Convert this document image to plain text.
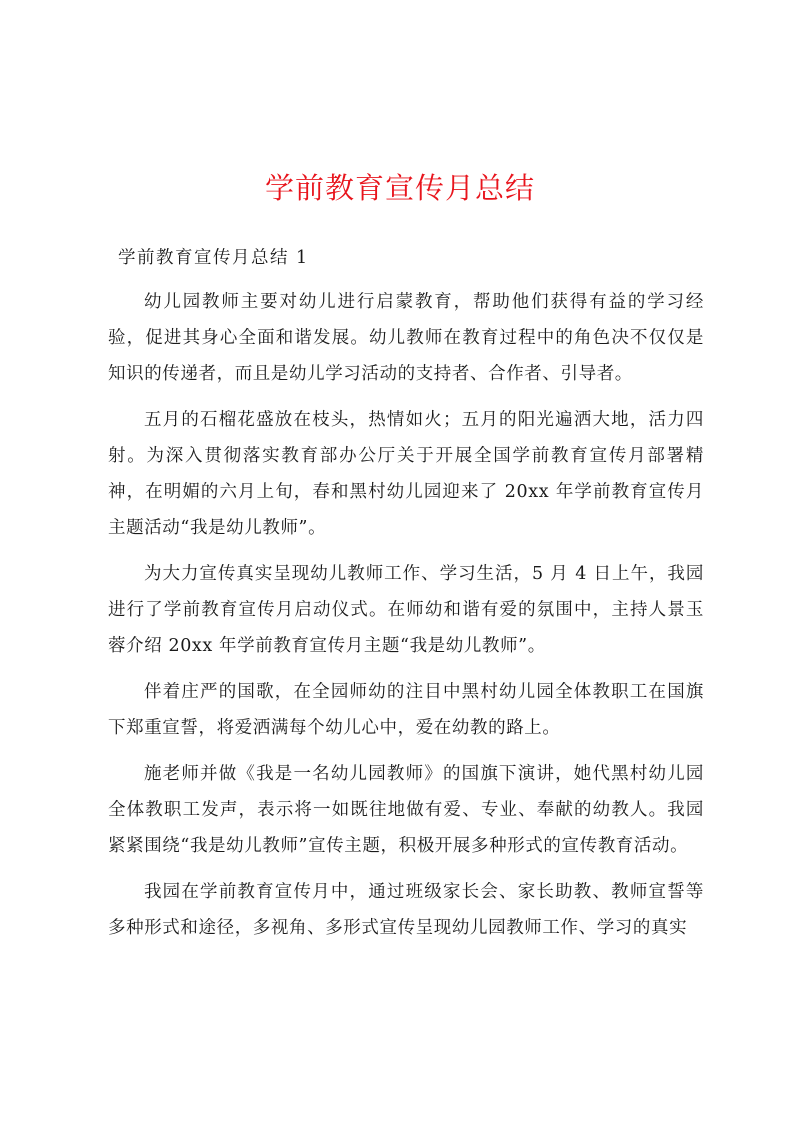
学前教育宣传月总结

学前教育宣传月总结 1

幼儿园教师主要对幼儿进行启蒙教育，帮助他们获得有益的学习经验，促进其身心全面和谐发展。幼儿教师在教育过程中的角色决不仅仅是知识的传递者，而且是幼儿学习活动的支持者、合作者、引导者。

五月的石榴花盛放在枝头，热情如火；五月的阳光遍洒大地，活力四射。为深入贯彻落实教育部办公厅关于开展全国学前教育宣传月部署精神，在明媚的六月上旬，春和黑村幼儿园迎来了 20xx 年学前教育宣传月主题活动“我是幼儿教师”。

为大力宣传真实呈现幼儿教师工作、学习生活，5 月 4 日上午，我园进行了学前教育宣传月启动仪式。在师幼和谐有爱的氛围中，主持人景玉蓉介绍 20xx 年学前教育宣传月主题“我是幼儿教师”。

伴着庄严的国歌，在全园师幼的注目中黑村幼儿园全体教职工在国旗下郑重宣誓，将爱洒满每个幼儿心中，爱在幼教的路上。

施老师并做《我是一名幼儿园教师》的国旗下演讲，她代黑村幼儿园全体教职工发声，表示将一如既往地做有爱、专业、奉献的幼教人。我园紧紧围绕“我是幼儿教师”宣传主题，积极开展多种形式的宣传教育活动。

我园在学前教育宣传月中，通过班级家长会、家长助教、教师宣誓等多种形式和途径，多视角、多形式宣传呈现幼儿园教师工作、学习的真实
